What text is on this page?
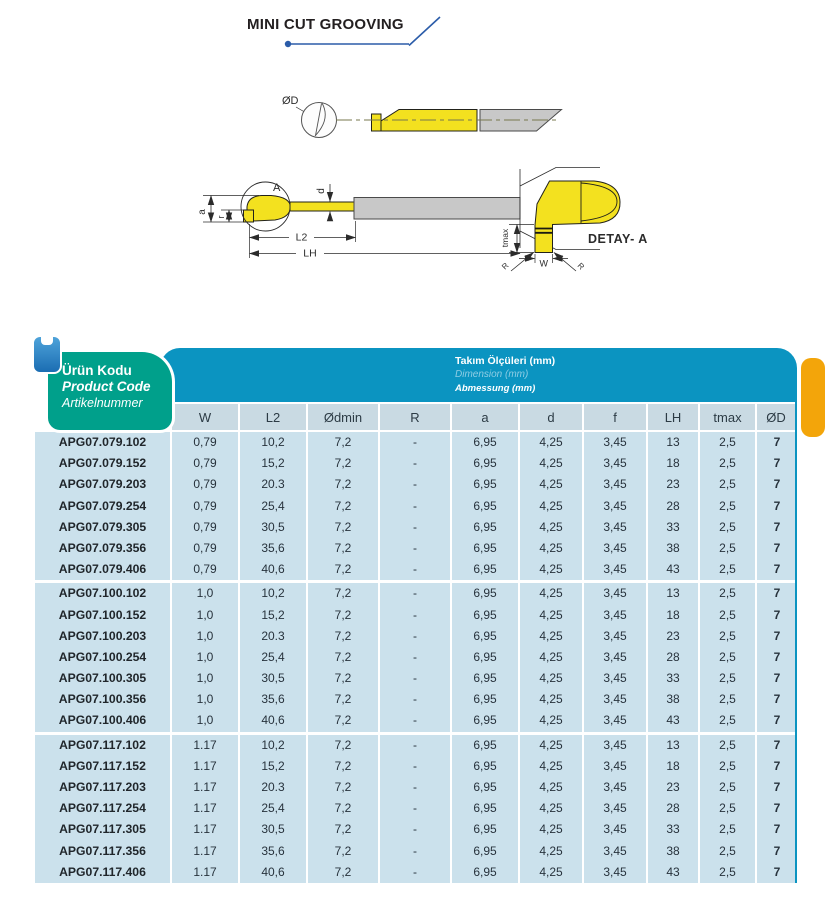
MINI CUT GROOVING
ØD
a
r
A	d
L2
LH
tmax
W
R	R
DETAY- A
Takım Ölçüleri (mm)
Dimension (mm)
Abmessung (mm)
Ürün Kodu
Product Code
Artikelnummer
W	L2	Ødmin	R	a	d	f	LH	tmax	ØD
APG07.079.102	0,79	10,2	7,2	-	6,95	4,25	3,45	13	2,5	7
APG07.079.152	0,79	15,2	7,2	-	6,95	4,25	3,45	18	2,5	7
APG07.079.203	0,79	20.3	7,2	-	6,95	4,25	3,45	23	2,5	7
APG07.079.254	0,79	25,4	7,2	-	6,95	4,25	3,45	28	2,5	7
APG07.079.305	0,79	30,5	7,2	-	6,95	4,25	3,45	33	2,5	7
APG07.079.356	0,79	35,6	7,2	-	6,95	4,25	3,45	38	2,5	7
APG07.079.406	0,79	40,6	7,2	-	6,95	4,25	3,45	43	2,5	7
APG07.100.102	1,0	10,2	7,2	-	6,95	4,25	3,45	13	2,5	7
APG07.100.152	1,0	15,2	7,2	-	6,95	4,25	3,45	18	2,5	7
APG07.100.203	1,0	20.3	7,2	-	6,95	4,25	3,45	23	2,5	7
APG07.100.254	1,0	25,4	7,2	-	6,95	4,25	3,45	28	2,5	7
APG07.100.305	1,0	30,5	7,2	-	6,95	4,25	3,45	33	2,5	7
APG07.100.356	1,0	35,6	7,2	-	6,95	4,25	3,45	38	2,5	7
APG07.100.406	1,0	40,6	7,2	-	6,95	4,25	3,45	43	2,5	7
APG07.117.102	1.17	10,2	7,2	-	6,95	4,25	3,45	13	2,5	7
APG07.117.152	1.17	15,2	7,2	-	6,95	4,25	3,45	18	2,5	7
APG07.117.203	1.17	20.3	7,2	-	6,95	4,25	3,45	23	2,5	7
APG07.117.254	1.17	25,4	7,2	-	6,95	4,25	3,45	28	2,5	7
APG07.117.305	1.17	30,5	7,2	-	6,95	4,25	3,45	33	2,5	7
APG07.117.356	1.17	35,6	7,2	-	6,95	4,25	3,45	38	2,5	7
APG07.117.406	1.17	40,6	7,2	-	6,95	4,25	3,45	43	2,5	7
